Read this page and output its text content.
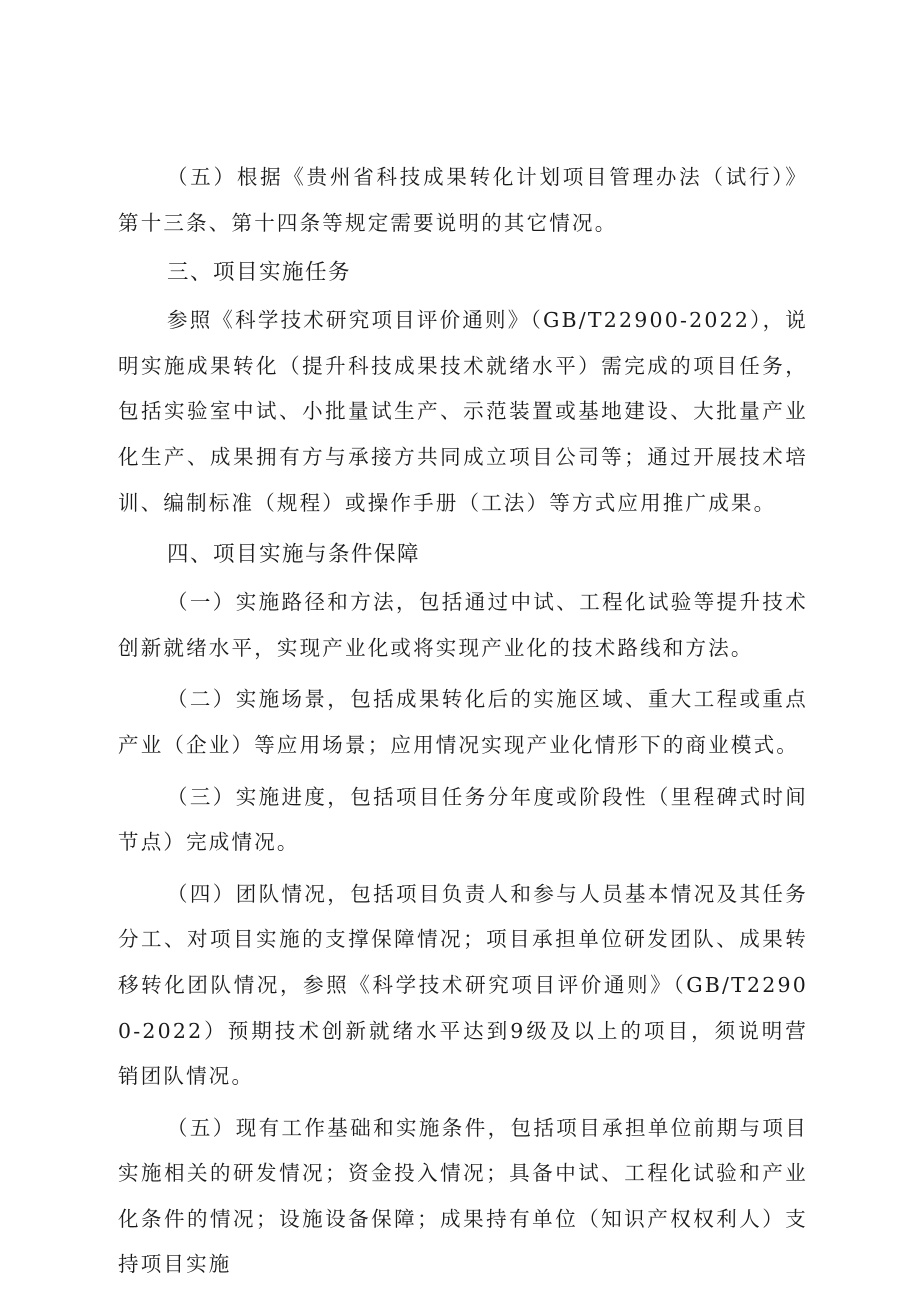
（五）根据《贵州省科技成果转化计划项目管理办法（试行）》第十三条、第十四条等规定需要说明的其它情况。

三、项目实施任务

参照《科学技术研究项目评价通则》（GB/T22900-2022），说明实施成果转化（提升科技成果技术就绪水平）需完成的项目任务，包括实验室中试、小批量试生产、示范装置或基地建设、大批量产业化生产、成果拥有方与承接方共同成立项目公司等；通过开展技术培训、编制标准（规程）或操作手册（工法）等方式应用推广成果。

四、项目实施与条件保障

（一）实施路径和方法，包括通过中试、工程化试验等提升技术创新就绪水平，实现产业化或将实现产业化的技术路线和方法。

（二）实施场景，包括成果转化后的实施区域、重大工程或重点产业（企业）等应用场景；应用情况实现产业化情形下的商业模式。

（三）实施进度，包括项目任务分年度或阶段性（里程碑式时间节点）完成情况。

（四）团队情况，包括项目负责人和参与人员基本情况及其任务分工、对项目实施的支撑保障情况；项目承担单位研发团队、成果转移转化团队情况，参照《科学技术研究项目评价通则》（GB/T22900-2022）预期技术创新就绪水平达到9级及以上的项目，须说明营销团队情况。

（五）现有工作基础和实施条件，包括项目承担单位前期与项目实施相关的研发情况；资金投入情况；具备中试、工程化试验和产业化条件的情况；设施设备保障；成果持有单位（知识产权权利人）支持项目实施
